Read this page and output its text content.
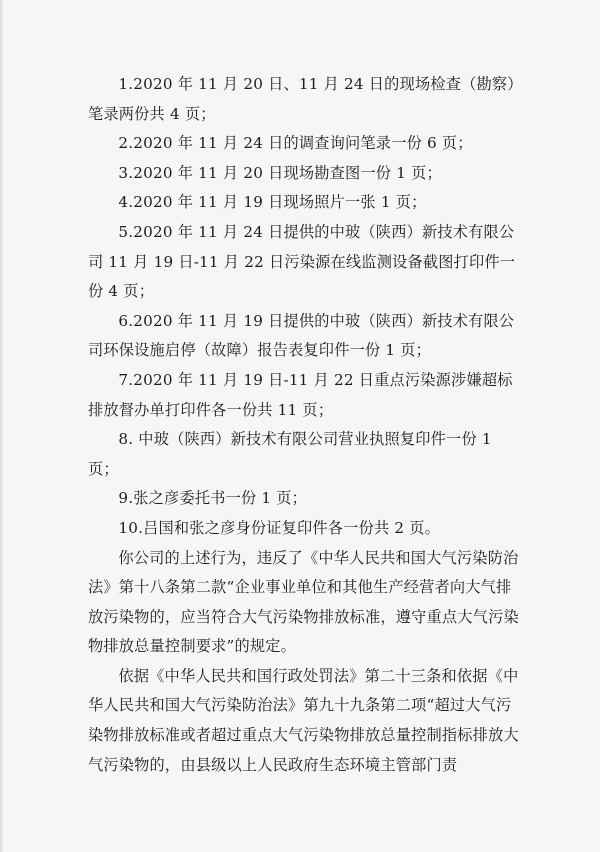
1.2020 年 11 月 20 日、11 月 24 日的现场检查（勘察）笔录两份共 4 页；

2.2020 年 11 月 24 日的调查询问笔录一份 6 页；

3.2020 年 11 月 20 日现场勘查图一份 1 页；

4.2020 年 11 月 19 日现场照片一张 1 页；

5.2020 年 11 月 24 日提供的中玻（陕西）新技术有限公司 11 月 19 日-11 月 22 日污染源在线监测设备截图打印件一份 4 页；

6.2020 年 11 月 19 日提供的中玻（陕西）新技术有限公司环保设施启停（故障）报告表复印件一份 1 页；

7.2020 年 11 月 19 日-11 月 22 日重点污染源涉嫌超标排放督办单打印件各一份共 11 页；

8. 中玻（陕西）新技术有限公司营业执照复印件一份 1 页；

9.张之彦委托书一份 1 页；

10.吕国和张之彦身份证复印件各一份共 2 页。

你公司的上述行为，违反了《中华人民共和国大气污染防治法》第十八条第二款“企业事业单位和其他生产经营者向大气排放污染物的，应当符合大气污染物排放标准，遵守重点大气污染物排放总量控制要求”的规定。

依据《中华人民共和国行政处罚法》第二十三条和依据《中华人民共和国大气污染防治法》第九十九条第二项“超过大气污染物排放标准或者超过重点大气污染物排放总量控制指标排放大气污染物的，由县级以上人民政府生态环境主管部门责
